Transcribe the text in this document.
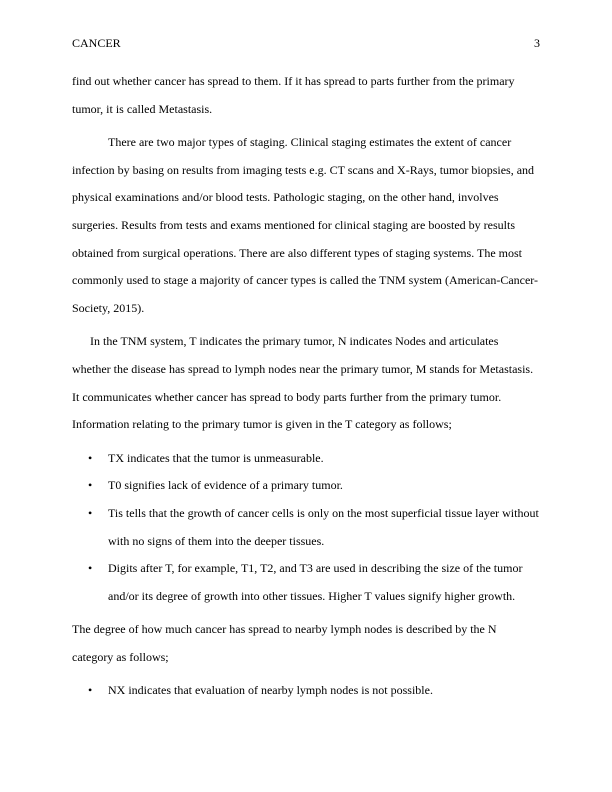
CANCER	3

find out whether cancer has spread to them. If it has spread to parts further from the primary tumor, it is called Metastasis.

There are two major types of staging. Clinical staging estimates the extent of cancer infection by basing on results from imaging tests e.g. CT scans and X-Rays, tumor biopsies, and physical examinations and/or blood tests. Pathologic staging, on the other hand, involves surgeries. Results from tests and exams mentioned for clinical staging are boosted by results obtained from surgical operations. There are also different types of staging systems. The most commonly used to stage a majority of cancer types is called the TNM system (American-Cancer-Society, 2015).

In the TNM system, T indicates the primary tumor, N indicates Nodes and articulates whether the disease has spread to lymph nodes near the primary tumor, M stands for Metastasis. It communicates whether cancer has spread to body parts further from the primary tumor. Information relating to the primary tumor is given in the T category as follows;

• TX indicates that the tumor is unmeasurable.
• T0 signifies lack of evidence of a primary tumor.
• Tis tells that the growth of cancer cells is only on the most superficial tissue layer without with no signs of them into the deeper tissues.
• Digits after T, for example, T1, T2, and T3 are used in describing the size of the tumor and/or its degree of growth into other tissues. Higher T values signify higher growth.

The degree of how much cancer has spread to nearby lymph nodes is described by the N category as follows;

• NX indicates that evaluation of nearby lymph nodes is not possible.
